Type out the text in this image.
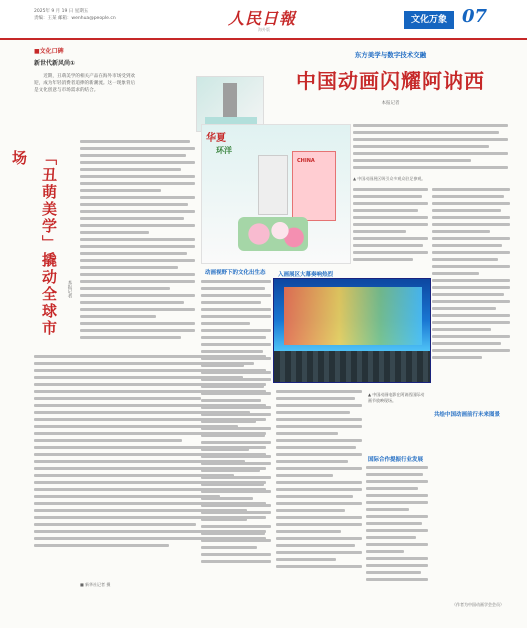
2025年 9 月 19 日 星期五
责编：王某 邮箱：wenhua@people.cn	人民日報
海外版
文化万象 07
■文化口碑
新世代新风尚①
近期，丑萌美学的相关产品在海外市场受到欢迎，成为年轻消费者追捧的新潮流。这一现象背后是文化创意与市场需求的结合。
「丑萌美学」撬动全球市场
本报记者
■ 新华社记者 摄
东方美学与数字技术交融
中国动画闪耀阿讷西
本报记者
华夏
环洋
CHINA
▲ 中国动画展区吸引众多观众驻足参观。
动画视野下的文化出生态 入画展区大幕奏响热烈
▲ 中国动画电影在阿讷西国际动画节放映现场。
国际合作提振行业发展
共绘中国动画前行未来图景
（作者为中国动画学会会员）
